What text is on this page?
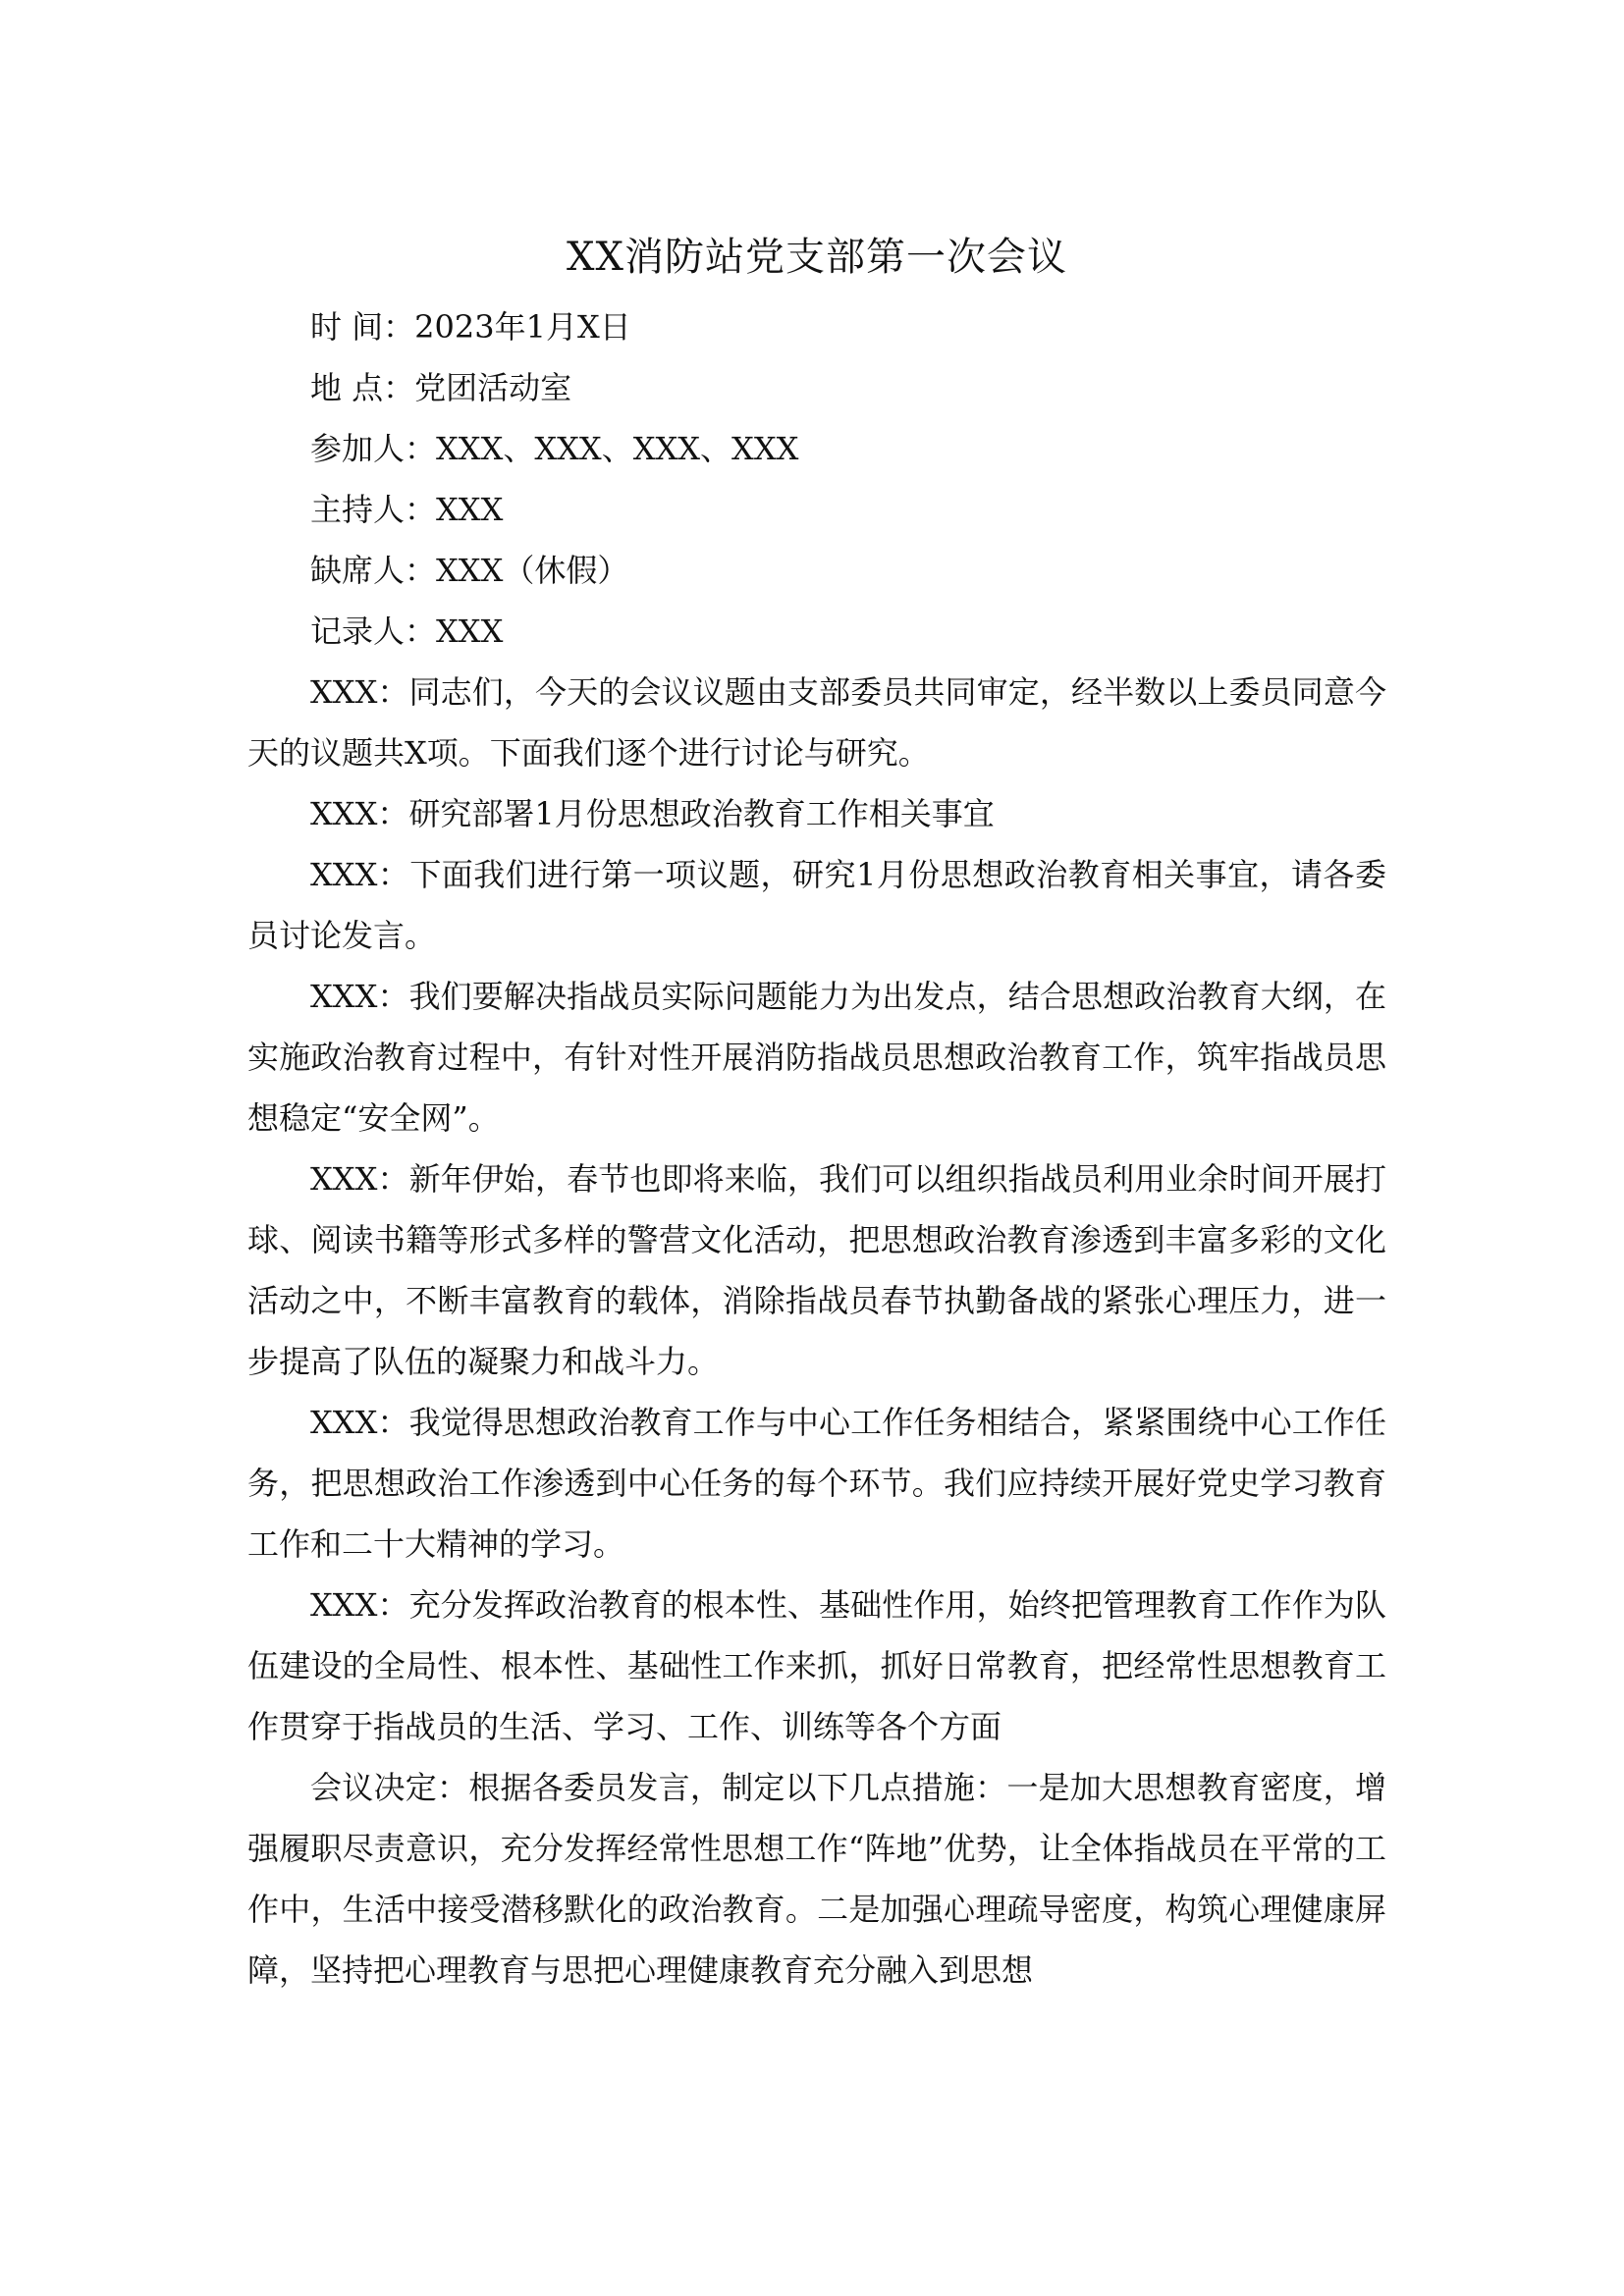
XX消防站党支部第一次会议

时 间：2023年1月X日

地 点：党团活动室

参加人：XXX、XXX、XXX、XXX

主持人：XXX

缺席人：XXX（休假）

记录人：XXX

XXX：同志们，今天的会议议题由支部委员共同审定，经半数以上委员同意今天的议题共X项。下面我们逐个进行讨论与研究。

XXX：研究部署1月份思想政治教育工作相关事宜

XXX：下面我们进行第一项议题，研究1月份思想政治教育相关事宜，请各委员讨论发言。

XXX：我们要解决指战员实际问题能力为出发点，结合思想政治教育大纲，在实施政治教育过程中，有针对性开展消防指战员思想政治教育工作，筑牢指战员思想稳定“安全网”。

XXX：新年伊始，春节也即将来临，我们可以组织指战员利用业余时间开展打球、阅读书籍等形式多样的警营文化活动，把思想政治教育渗透到丰富多彩的文化活动之中，不断丰富教育的载体，消除指战员春节执勤备战的紧张心理压力，进一步提高了队伍的凝聚力和战斗力。

XXX：我觉得思想政治教育工作与中心工作任务相结合，紧紧围绕中心工作任务，把思想政治工作渗透到中心任务的每个环节。我们应持续开展好党史学习教育工作和二十大精神的学习。

XXX：充分发挥政治教育的根本性、基础性作用，始终把管理教育工作作为队伍建设的全局性、根本性、基础性工作来抓，抓好日常教育，把经常性思想教育工作贯穿于指战员的生活、学习、工作、训练等各个方面

会议决定：根据各委员发言，制定以下几点措施：一是加大思想教育密度，增强履职尽责意识，充分发挥经常性思想工作“阵地”优势，让全体指战员在平常的工作中，生活中接受潜移默化的政治教育。二是加强心理疏导密度，构筑心理健康屏障，坚持把心理教育与思把心理健康教育充分融入到思想
